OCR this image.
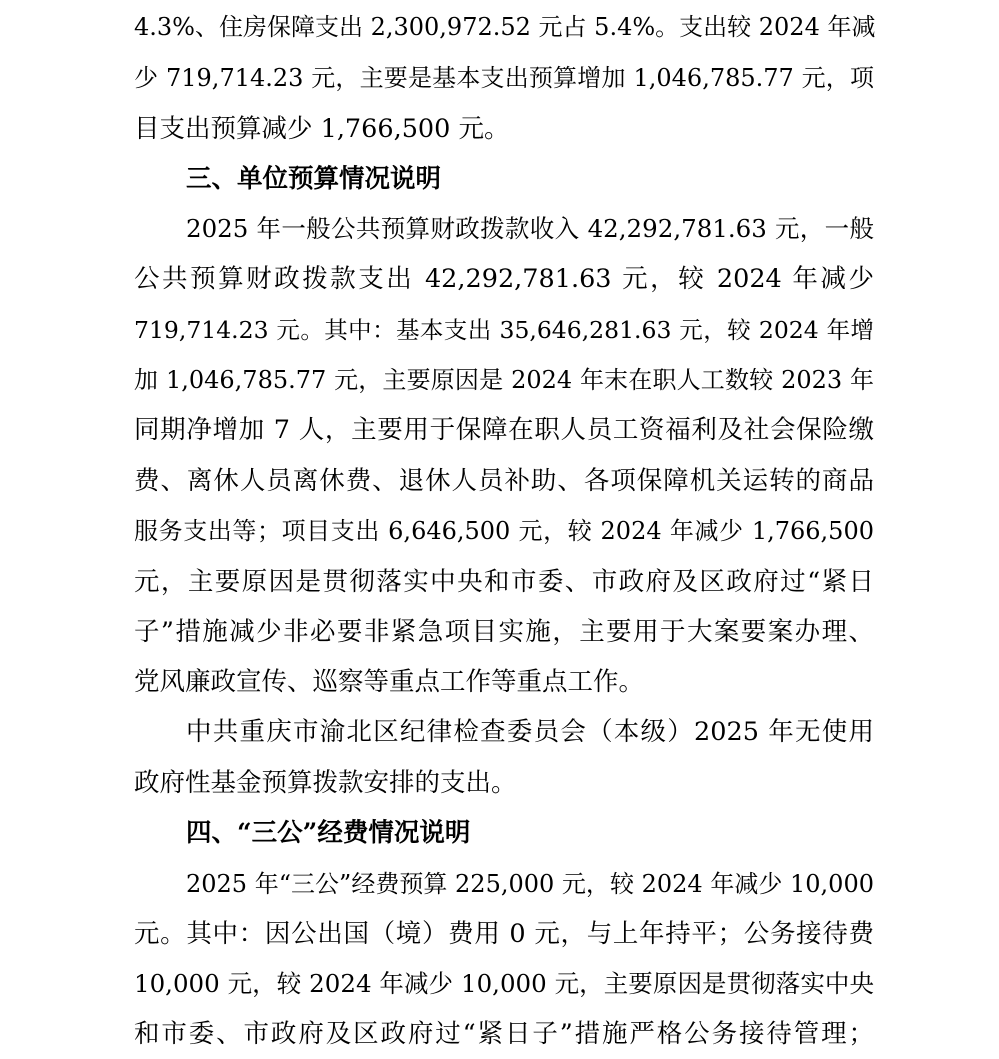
4.3%、住房保障支出 2,300,972.52 元占 5.4%。支出较 2024 年减
少 719,714.23 元，主要是基本支出预算增加 1,046,785.77 元，项
目支出预算减少 1,766,500 元。
三、单位预算情况说明
2025 年一般公共预算财政拨款收入 42,292,781.63 元，一般
公共预算财政拨款支出 42,292,781.63 元，较 2024 年减少
719,714.23 元。其中：基本支出 35,646,281.63 元，较 2024 年增
加 1,046,785.77 元，主要原因是 2024 年末在职人工数较 2023 年
同期净增加 7 人，主要用于保障在职人员工资福利及社会保险缴
费、离休人员离休费、退休人员补助、各项保障机关运转的商品
服务支出等；项目支出 6,646,500 元，较 2024 年减少 1,766,500
元，主要原因是贯彻落实中央和市委、市政府及区政府过“紧日
子”措施减少非必要非紧急项目实施，主要用于大案要案办理、
党风廉政宣传、巡察等重点工作等重点工作。
中共重庆市渝北区纪律检查委员会（本级）2025 年无使用
政府性基金预算拨款安排的支出。
四、“三公”经费情况说明
2025 年“三公”经费预算 225,000 元，较 2024 年减少 10,000
元。其中：因公出国（境）费用 0 元，与上年持平；公务接待费
10,000 元，较 2024 年减少 10,000 元，主要原因是贯彻落实中央
和市委、市政府及区政府过“紧日子”措施严格公务接待管理；
